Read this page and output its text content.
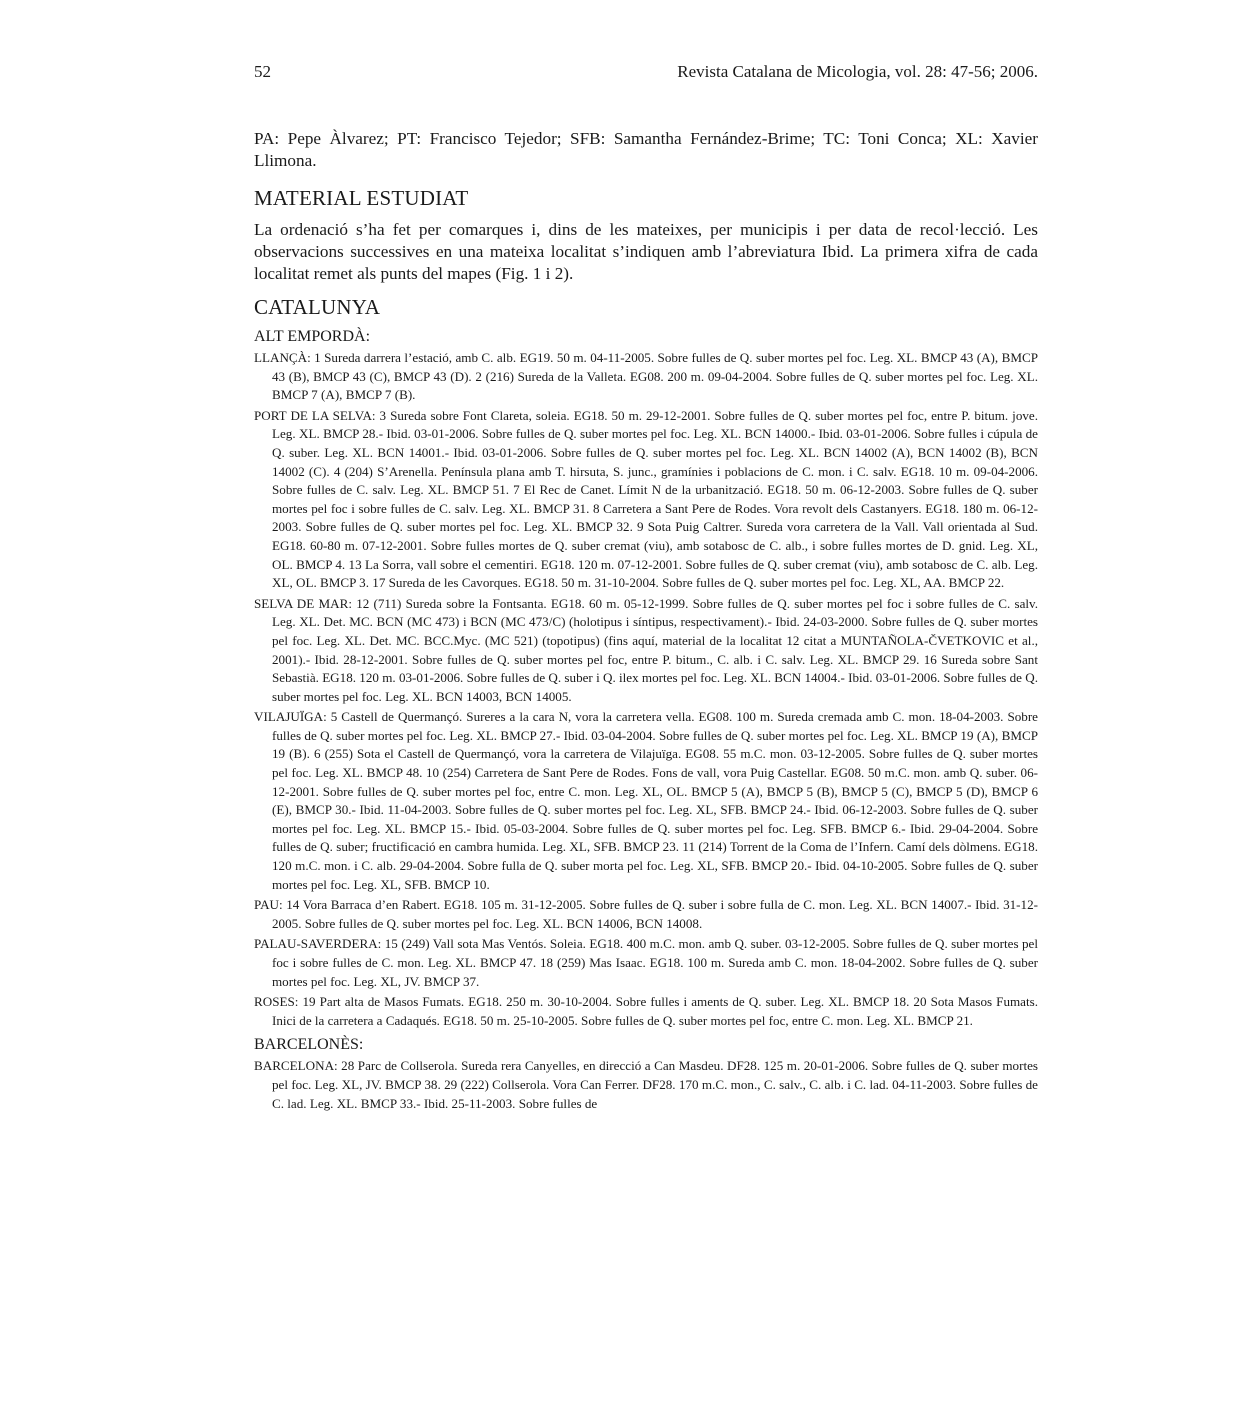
52	Revista Catalana de Micologia, vol. 28: 47-56; 2006.

PA: Pepe Àlvarez; PT: Francisco Tejedor; SFB: Samantha Fernández-Brime; TC: Toni Conca; XL: Xavier Llimona.

MATERIAL ESTUDIAT

La ordenació s’ha fet per comarques i, dins de les mateixes, per municipis i per data de recol·lecció. Les observacions successives en una mateixa localitat s’indiquen amb l’abreviatura Ibid. La primera xifra de cada localitat remet als punts del mapes (Fig. 1 i 2).

CATALUNYA
ALT EMPORDÀ:

LLANÇÀ: 1 Sureda darrera l’estació, amb C. alb. EG19. 50 m. 04-11-2005. Sobre fulles de Q. suber mortes pel foc. Leg. XL. BMCP 43 (A), BMCP 43 (B), BMCP 43 (C), BMCP 43 (D). 2 (216) Sureda de la Valleta. EG08. 200 m. 09-04-2004. Sobre fulles de Q. suber mortes pel foc. Leg. XL. BMCP 7 (A), BMCP 7 (B).

PORT DE LA SELVA: 3 Sureda sobre Font Clareta, soleia. EG18. 50 m. 29-12-2001. Sobre fulles de Q. suber mortes pel foc, entre P. bitum. jove. Leg. XL. BMCP 28.- Ibid. 03-01-2006. Sobre fulles de Q. suber mortes pel foc. Leg. XL. BCN 14000.- Ibid. 03-01-2006. Sobre fulles i cúpula de Q. suber. Leg. XL. BCN 14001.- Ibid. 03-01-2006. Sobre fulles de Q. suber mortes pel foc. Leg. XL. BCN 14002 (A), BCN 14002 (B), BCN 14002 (C). 4 (204) S’Arenella. Península plana amb T. hirsuta, S. junc., gramínies i poblacions de C. mon. i C. salv. EG18. 10 m. 09-04-2006. Sobre fulles de C. salv. Leg. XL. BMCP 51. 7 El Rec de Canet. Límit N de la urbanització. EG18. 50 m. 06-12-2003. Sobre fulles de Q. suber mortes pel foc i sobre fulles de C. salv. Leg. XL. BMCP 31. 8 Carretera a Sant Pere de Rodes. Vora revolt dels Castanyers. EG18. 180 m. 06-12-2003. Sobre fulles de Q. suber mortes pel foc. Leg. XL. BMCP 32. 9 Sota Puig Caltrer. Sureda vora carretera de la Vall. Vall orientada al Sud. EG18. 60-80 m. 07-12-2001. Sobre fulles mortes de Q. suber cremat (viu), amb sotabosc de C. alb., i sobre fulles mortes de D. gnid. Leg. XL, OL. BMCP 4. 13 La Sorra, vall sobre el cementiri. EG18. 120 m. 07-12-2001. Sobre fulles de Q. suber cremat (viu), amb sotabosc de C. alb. Leg. XL, OL. BMCP 3. 17 Sureda de les Cavorques. EG18. 50 m. 31-10-2004. Sobre fulles de Q. suber mortes pel foc. Leg. XL, AA. BMCP 22.

SELVA DE MAR: 12 (711) Sureda sobre la Fontsanta. EG18. 60 m. 05-12-1999. Sobre fulles de Q. suber mortes pel foc i sobre fulles de C. salv. Leg. XL. Det. MC. BCN (MC 473) i BCN (MC 473/C) (holotipus i síntipus, respectivament).- Ibid. 24-03-2000. Sobre fulles de Q. suber mortes pel foc. Leg. XL. Det. MC. BCC.Myc. (MC 521) (topotipus) (fins aquí, material de la localitat 12 citat a MUNTAÑOLA-ČVETKOVIC et al., 2001).- Ibid. 28-12-2001. Sobre fulles de Q. suber mortes pel foc, entre P. bitum., C. alb. i C. salv. Leg. XL. BMCP 29. 16 Sureda sobre Sant Sebastià. EG18. 120 m. 03-01-2006. Sobre fulles de Q. suber i Q. ilex mortes pel foc. Leg. XL. BCN 14004.- Ibid. 03-01-2006. Sobre fulles de Q. suber mortes pel foc. Leg. XL. BCN 14003, BCN 14005.

VILAJUÏGA: 5 Castell de Quermançó. Sureres a la cara N, vora la carretera vella. EG08. 100 m. Sureda cremada amb C. mon. 18-04-2003. Sobre fulles de Q. suber mortes pel foc. Leg. XL. BMCP 27.- Ibid. 03-04-2004. Sobre fulles de Q. suber mortes pel foc. Leg. XL. BMCP 19 (A), BMCP 19 (B). 6 (255) Sota el Castell de Quermançó, vora la carretera de Vilajuïga. EG08. 55 m.C. mon. 03-12-2005. Sobre fulles de Q. suber mortes pel foc. Leg. XL. BMCP 48. 10 (254) Carretera de Sant Pere de Rodes. Fons de vall, vora Puig Castellar. EG08. 50 m.C. mon. amb Q. suber. 06-12-2001. Sobre fulles de Q. suber mortes pel foc, entre C. mon. Leg. XL, OL. BMCP 5 (A), BMCP 5 (B), BMCP 5 (C), BMCP 5 (D), BMCP 6 (E), BMCP 30.- Ibid. 11-04-2003. Sobre fulles de Q. suber mortes pel foc. Leg. XL, SFB. BMCP 24.- Ibid. 06-12-2003. Sobre fulles de Q. suber mortes pel foc. Leg. XL. BMCP 15.- Ibid. 05-03-2004. Sobre fulles de Q. suber mortes pel foc. Leg. SFB. BMCP 6.- Ibid. 29-04-2004. Sobre fulles de Q. suber; fructificació en cambra humida. Leg. XL, SFB. BMCP 23. 11 (214) Torrent de la Coma de l’Infern. Camí dels dòlmens. EG18. 120 m.C. mon. i C. alb. 29-04-2004. Sobre fulla de Q. suber morta pel foc. Leg. XL, SFB. BMCP 20.- Ibid. 04-10-2005. Sobre fulles de Q. suber mortes pel foc. Leg. XL, SFB. BMCP 10.

PAU: 14 Vora Barraca d’en Rabert. EG18. 105 m. 31-12-2005. Sobre fulles de Q. suber i sobre fulla de C. mon. Leg. XL. BCN 14007.- Ibid. 31-12-2005. Sobre fulles de Q. suber mortes pel foc. Leg. XL. BCN 14006, BCN 14008.

PALAU-SAVERDERA: 15 (249) Vall sota Mas Ventós. Soleia. EG18. 400 m.C. mon. amb Q. suber. 03-12-2005. Sobre fulles de Q. suber mortes pel foc i sobre fulles de C. mon. Leg. XL. BMCP 47. 18 (259) Mas Isaac. EG18. 100 m. Sureda amb C. mon. 18-04-2002. Sobre fulles de Q. suber mortes pel foc. Leg. XL, JV. BMCP 37.

ROSES: 19 Part alta de Masos Fumats. EG18. 250 m. 30-10-2004. Sobre fulles i aments de Q. suber. Leg. XL. BMCP 18. 20 Sota Masos Fumats. Inici de la carretera a Cadaqués. EG18. 50 m. 25-10-2005. Sobre fulles de Q. suber mortes pel foc, entre C. mon. Leg. XL. BMCP 21.

BARCELONÈS:

BARCELONA: 28 Parc de Collserola. Sureda rera Canyelles, en direcció a Can Masdeu. DF28. 125 m. 20-01-2006. Sobre fulles de Q. suber mortes pel foc. Leg. XL, JV. BMCP 38. 29 (222) Collserola. Vora Can Ferrer. DF28. 170 m.C. mon., C. salv., C. alb. i C. lad. 04-11-2003. Sobre fulles de C. lad. Leg. XL. BMCP 33.- Ibid. 25-11-2003. Sobre fulles de
